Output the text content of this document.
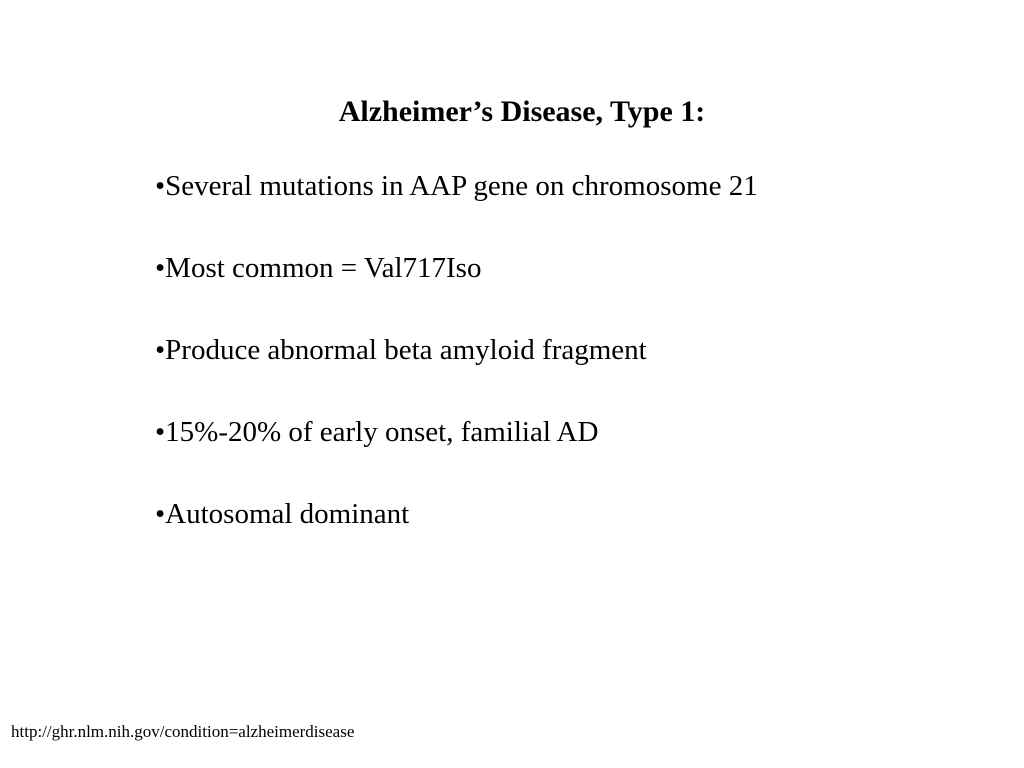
Alzheimer’s Disease, Type 1:
•Several mutations in AAP gene on chromosome 21
•Most common = Val717Iso
•Produce abnormal beta amyloid fragment
•15%-20% of early onset, familial AD
•Autosomal dominant
http://ghr.nlm.nih.gov/condition=alzheimerdisease
